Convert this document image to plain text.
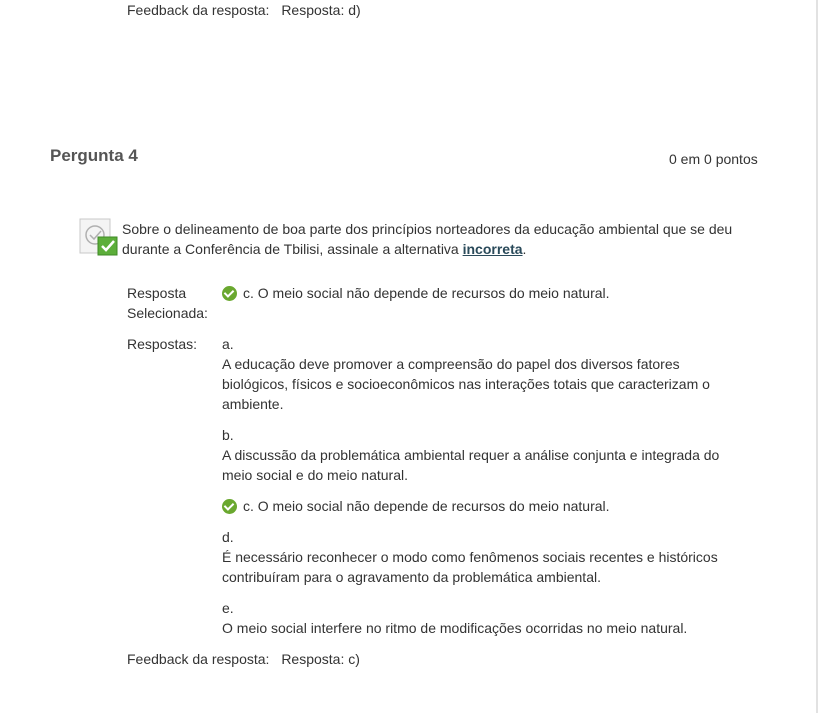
Feedback da resposta: Resposta: d)
Pergunta 4	0 em 0 pontos
Sobre o delineamento de boa parte dos princípios norteadores da educação ambiental que se deu durante a Conferência de Tbilisi, assinale a alternativa incorreta.
Resposta
Selecionada:
c. O meio social não depende de recursos do meio natural.
Respostas: a.
A educação deve promover a compreensão do papel dos diversos fatores biológicos, físicos e socioeconômicos nas interações totais que caracterizam o ambiente.
b.
A discussão da problemática ambiental requer a análise conjunta e integrada do meio social e do meio natural.
c. O meio social não depende de recursos do meio natural.
d.
É necessário reconhecer o modo como fenômenos sociais recentes e históricos contribuíram para o agravamento da problemática ambiental.
e.
O meio social interfere no ritmo de modificações ocorridas no meio natural.
Feedback da resposta: Resposta: c)
